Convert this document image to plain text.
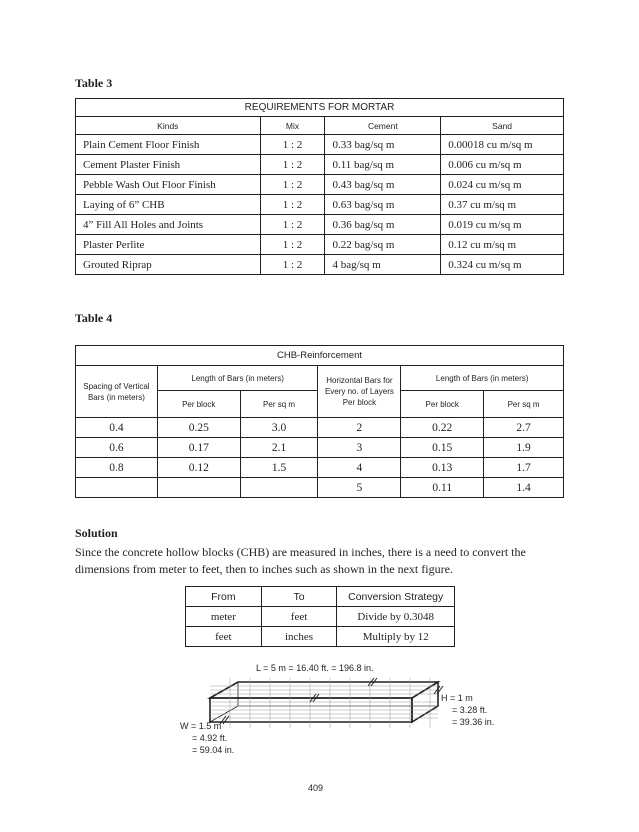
Table 3
REQUIREMENTS FOR MORTAR			
Kinds	Mix	Cement	Sand
Plain Cement Floor Finish	1 : 2	0.33 bag/sq m	0.00018 cu m/sq m
Cement Plaster Finish	1 : 2	0.11 bag/sq m	0.006 cu m/sq m
Pebble Wash Out Floor Finish	1 : 2	0.43 bag/sq m	0.024 cu m/sq m
Laying of 6” CHB	1 : 2	0.63 bag/sq m	0.37 cu m/sq m
4” Fill All Holes and Joints	1 : 2	0.36 bag/sq m	0.019 cu m/sq m
Plaster Perlite	1 : 2	0.22 bag/sq m	0.12 cu m/sq m
Grouted Riprap	1 : 2	4 bag/sq m	0.324 cu m/sq m
Table 4
CHB-Reinforcement					
Spacing of Vertical Bars (in meters)	Length of Bars (in meters)		Horizontal Bars for Every no. of Layers Per block	Length of Bars (in meters)	
	Per block	Per sq m		Per block	Per sq m
0.4	0.25	3.0	2	0.22	2.7
0.6	0.17	2.1	3	0.15	1.9
0.8	0.12	1.5	4	0.13	1.7
			5	0.11	1.4
Solution
Since the concrete hollow blocks (CHB) are measured in inches, there is a need to convert the dimensions from meter to feet, then to inches such as shown in the next figure.
From	To	Conversion Strategy
meter	feet	Divide by 0.3048
feet	inches	Multiply by 12
L = 5 m = 16.40 ft. = 196.8 in.
H = 1 m
= 3.28 ft.
= 39.36 in.
W = 1.5 m
= 4.92 ft.
= 59.04 in.
409
